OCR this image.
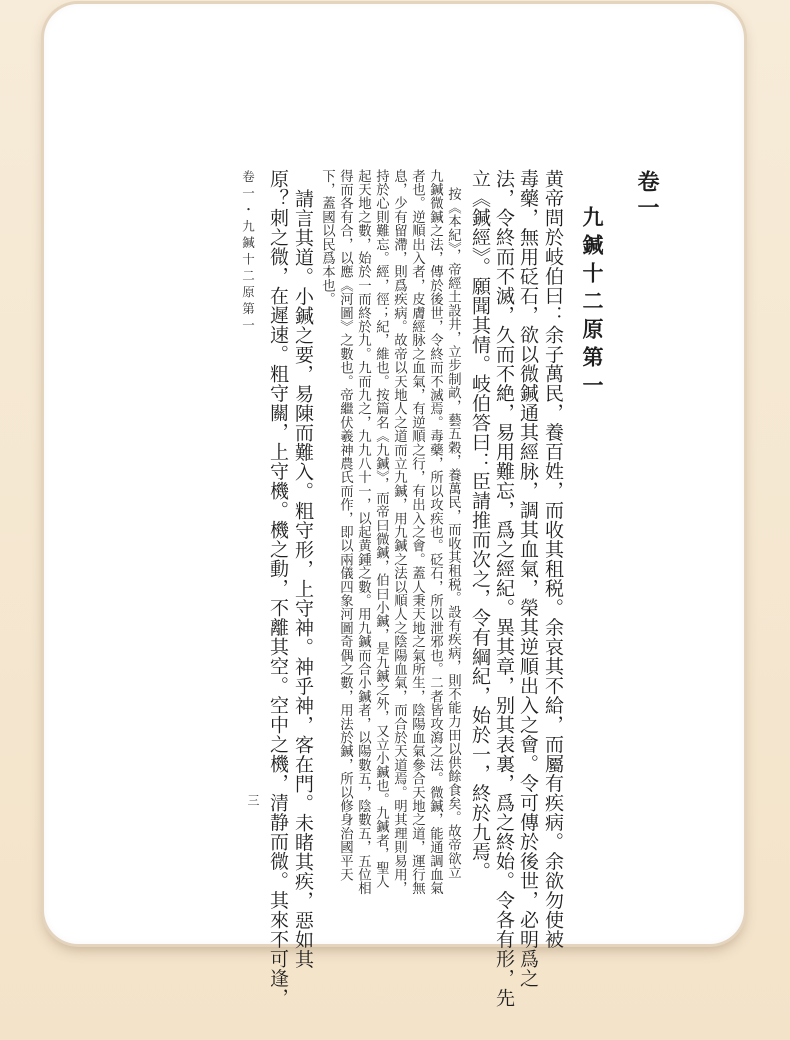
卷一
九鍼十二原第一
黄帝問於岐伯曰：余子萬民，養百姓，而收其租税。余哀其不給，而屬有疾病。余欲勿使被
毒藥，無用砭石，欲以微鍼通其經脉，調其血氣，榮其逆順出入之會。令可傳於後世，必明爲之
法，令終而不滅，久而不絶，易用難忘，爲之經紀。異其章，别其表裏，爲之終始。令各有形，先
立《鍼經》。願聞其情。岐伯答曰：臣請推而次之，令有綱紀，始於一，終於九焉。
按《本紀》，帝經土設井，立步制畝，藝五穀，養萬民，而收其租税。設有疾病，則不能力田以供餘食矣。故帝欲立
九鍼微鍼之法，傳於後世，令終而不滅焉。毒藥，所以攻疾也。砭石，所以泄邪也。二者皆攻瀉之法。微鍼，能通調血氣
者也。逆順出入者，皮膚經脉之血氣，有逆順之行，有出入之會。蓋人秉天地之氣所生，陰陽血氣參合天地之道，運行無
息，少有留滯，則爲疾病。故帝以天地人之道而立九鍼，用九鍼之法以順人之陰陽血氣，而合於天道焉。明其理則易用，
持於心則難忘。經，徑；紀，維也。按篇名《九鍼》，而帝曰微鍼，伯曰小鍼，是九鍼之外，又立小鍼也。九鍼者，聖人
起天地之數，始於一而終於九。九而九之，九九八十一，以起黄鍾之數。用九鍼而合小鍼者，以陽數五，陰數五，五位相
得而各有合，以應《河圖》之數也。帝繼伏羲神農氏而作，即以兩儀四象河圖奇偶之數，用法於鍼，所以修身治國平天
下，蓋國以民爲本也。
請言其道。小鍼之要，易陳而難入。粗守形，上守神。神乎神，客在門。未睹其疾，惡如其
原？刺之微，在遲速。粗守關，上守機。機之動，不離其空。空中之機，清静而微。其來不可逢，
卷一・九鍼十二原第一
三
